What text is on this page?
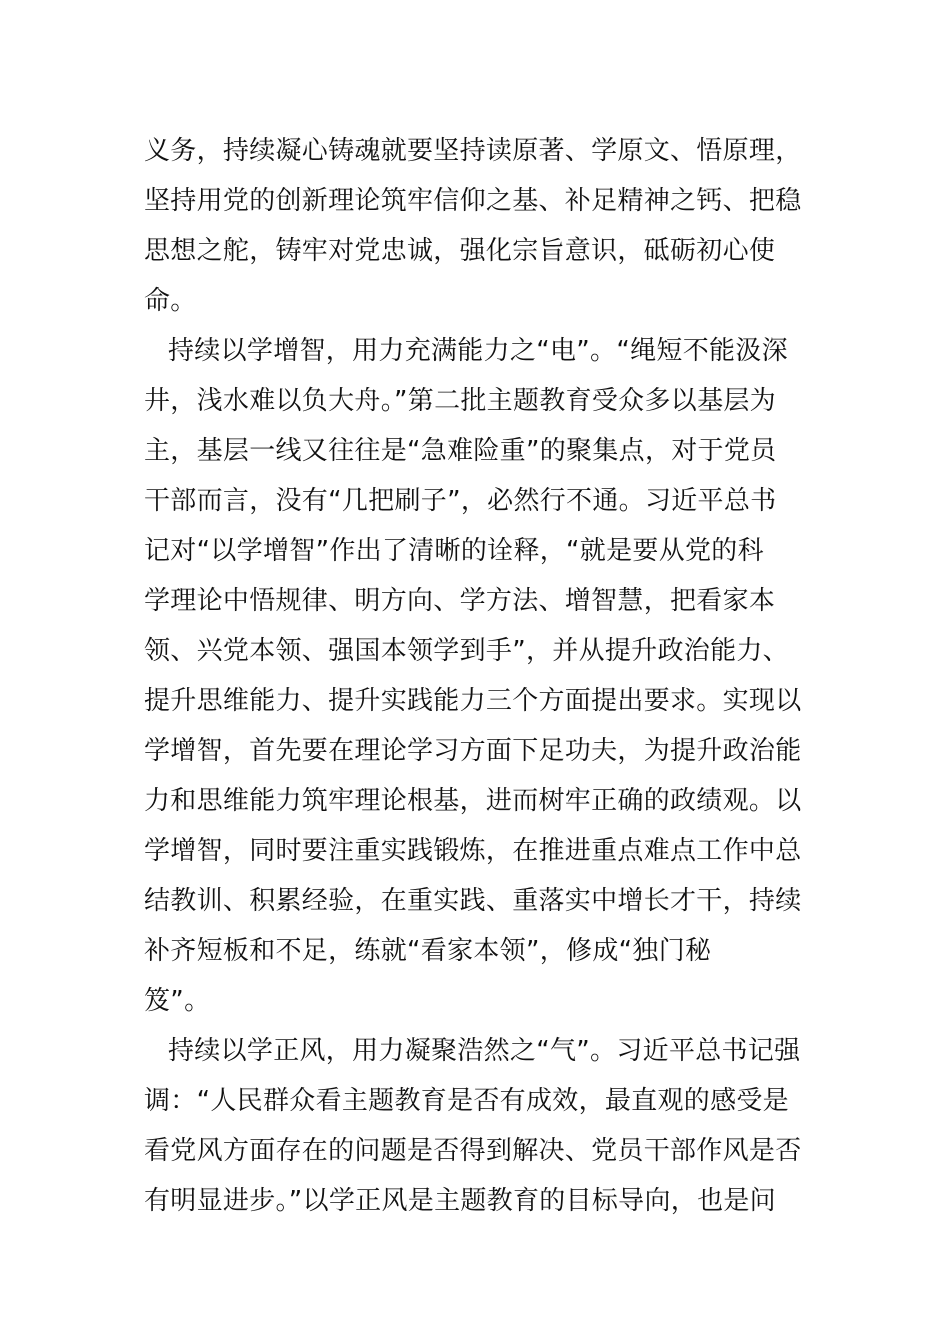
义务，持续凝心铸魂就要坚持读原著、学原文、悟原理，
坚持用党的创新理论筑牢信仰之基、补足精神之钙、把稳
思想之舵，铸牢对党忠诚，强化宗旨意识，砥砺初心使
命。
持续以学增智，用力充满能力之“电”。“绳短不能汲深
井，浅水难以负大舟。”第二批主题教育受众多以基层为
主，基层一线又往往是“急难险重”的聚集点，对于党员
干部而言，没有“几把刷子”，必然行不通。习近平总书
记对“以学增智”作出了清晰的诠释，“就是要从党的科
学理论中悟规律、明方向、学方法、增智慧，把看家本
领、兴党本领、强国本领学到手”，并从提升政治能力、
提升思维能力、提升实践能力三个方面提出要求。实现以
学增智，首先要在理论学习方面下足功夫，为提升政治能
力和思维能力筑牢理论根基，进而树牢正确的政绩观。以
学增智，同时要注重实践锻炼，在推进重点难点工作中总
结教训、积累经验，在重实践、重落实中增长才干，持续
补齐短板和不足，练就“看家本领”，修成“独门秘
笈”。
持续以学正风，用力凝聚浩然之“气”。习近平总书记强
调：“人民群众看主题教育是否有成效，最直观的感受是
看党风方面存在的问题是否得到解决、党员干部作风是否
有明显进步。”以学正风是主题教育的目标导向，也是问
